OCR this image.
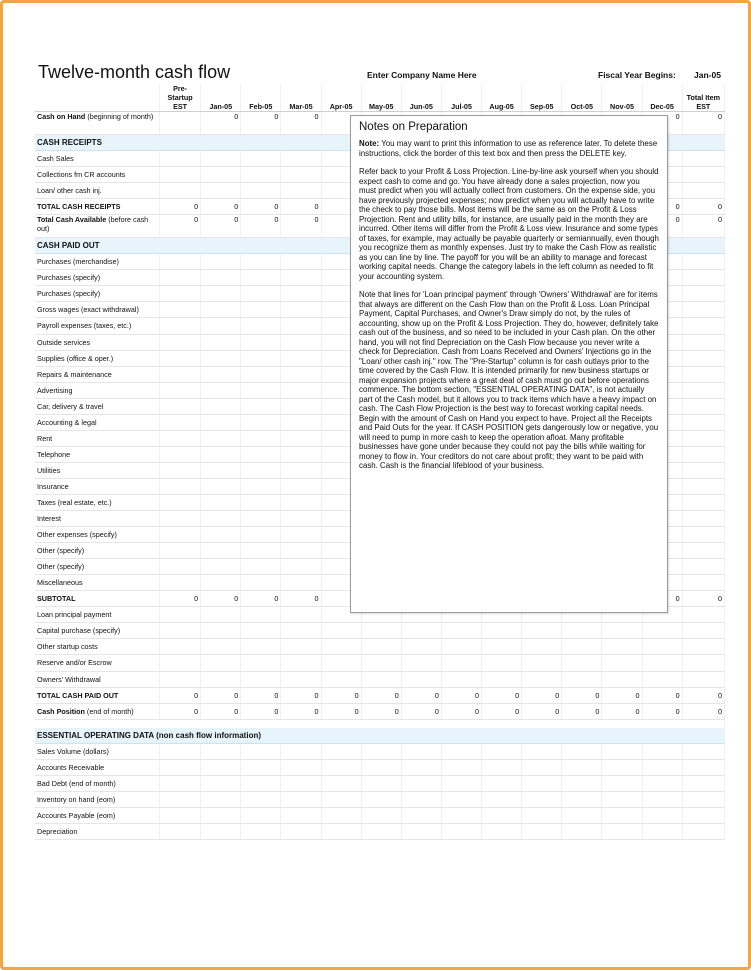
Twelve-month cash flow	Enter Company Name Here	Fiscal Year Begins: Jan-05
	Pre-Startup EST	Jan-05	Feb-05	Mar-05	Apr-05	May-05	Jun-05	Jul-05	Aug-05	Sep-05	Oct-05	Nov-05	Dec-05	Total Item EST
Cash on Hand (beginning of month)		0	0	0									0	0
CASH RECEIPTS														
Cash Sales														
Collections fm CR accounts														
Loan/ other cash inj.														
TOTAL CASH RECEIPTS	0	0	0	0									0	0
Total Cash Available (before cash out)	0	0	0	0									0	0
CASH PAID OUT														
Purchases (merchandise)														
Purchases (specify)														
Purchases (specify)														
Gross wages (exact withdrawal)														
Payroll expenses (taxes, etc.)														
Outside services														
Supplies (office & oper.)														
Repairs & maintenance														
Advertising														
Car, delivery & travel														
Accounting & legal														
Rent														
Telephone														
Utilities														
Insurance														
Taxes (real estate, etc.)														
Interest														
Other expenses (specify)														
Other (specify)														
Other (specify)														
Miscellaneous														
SUBTOTAL	0	0	0	0									0	0
Loan principal payment														
Capital purchase (specify)														
Other startup costs														
Reserve and/or Escrow														
Owners' Withdrawal														
TOTAL CASH PAID OUT	0	0	0	0	0	0	0	0	0	0	0	0	0	0
Cash Position (end of month)	0	0	0	0	0	0	0	0	0	0	0	0	0	0

ESSENTIAL OPERATING DATA (non cash flow information)														
Sales Volume (dollars)														
Accounts Receivable														
Bad Debt (end of month)														
Inventory on hand (eom)														
Accounts Payable (eom)														
Depreciation														
Notes on Preparation

Note: You may want to print this information to use as reference later. To delete these instructions, click the border of this text box and then press the DELETE key.

Refer back to your Profit & Loss Projection. Line-by-line ask yourself when you should expect cash to come and go. You have already done a sales projection, now you must predict when you will actually collect from customers. On the expense side, you have previously projected expenses; now predict when you will actually have to write the check to pay those bills. Most items will be the same as on the Profit & Loss Projection. Rent and utility bills, for instance, are usually paid in the month they are incurred. Other items will differ from the Profit & Loss view. Insurance and some types of taxes, for example, may actually be payable quarterly or semiannually, even though you recognize them as monthly expenses. Just try to make the Cash Flow as realistic as you can line by line. The payoff for you will be an ability to manage and forecast working capital needs. Change the category labels in the left column as needed to fit your accounting system.

Note that lines for 'Loan principal payment' through 'Owners' Withdrawal' are for items that always are different on the Cash Flow than on the Profit & Loss. Loan Principal Payment, Capital Purchases, and Owner's Draw simply do not, by the rules of accounting, show up on the Profit & Loss Projection. They do, however, definitely take cash out of the business, and so need to be included in your Cash plan. On the other hand, you will not find Depreciation on the Cash Flow because you never write a check for Depreciation. Cash from Loans Received and Owners' Injections go in the "Loan/ other cash inj." row. The "Pre-Startup" column is for cash outlays prior to the time covered by the Cash Flow. It is intended primarily for new business startups or major expansion projects where a great deal of cash must go out before operations commence. The bottom section, "ESSENTIAL OPERATING DATA", is not actually part of the Cash model, but it allows you to track items which have a heavy impact on cash. The Cash Flow Projection is the best way to forecast working capital needs. Begin with the amount of Cash on Hand you expect to have. Project all the Receipts and Paid Outs for the year. If CASH POSITION gets dangerously low or negative, you will need to pump in more cash to keep the operation afloat. Many profitable businesses have gone under because they could not pay the bills while waiting for money to flow in. Your creditors do not care about profit; they want to be paid with cash. Cash is the financial lifeblood of your business.
